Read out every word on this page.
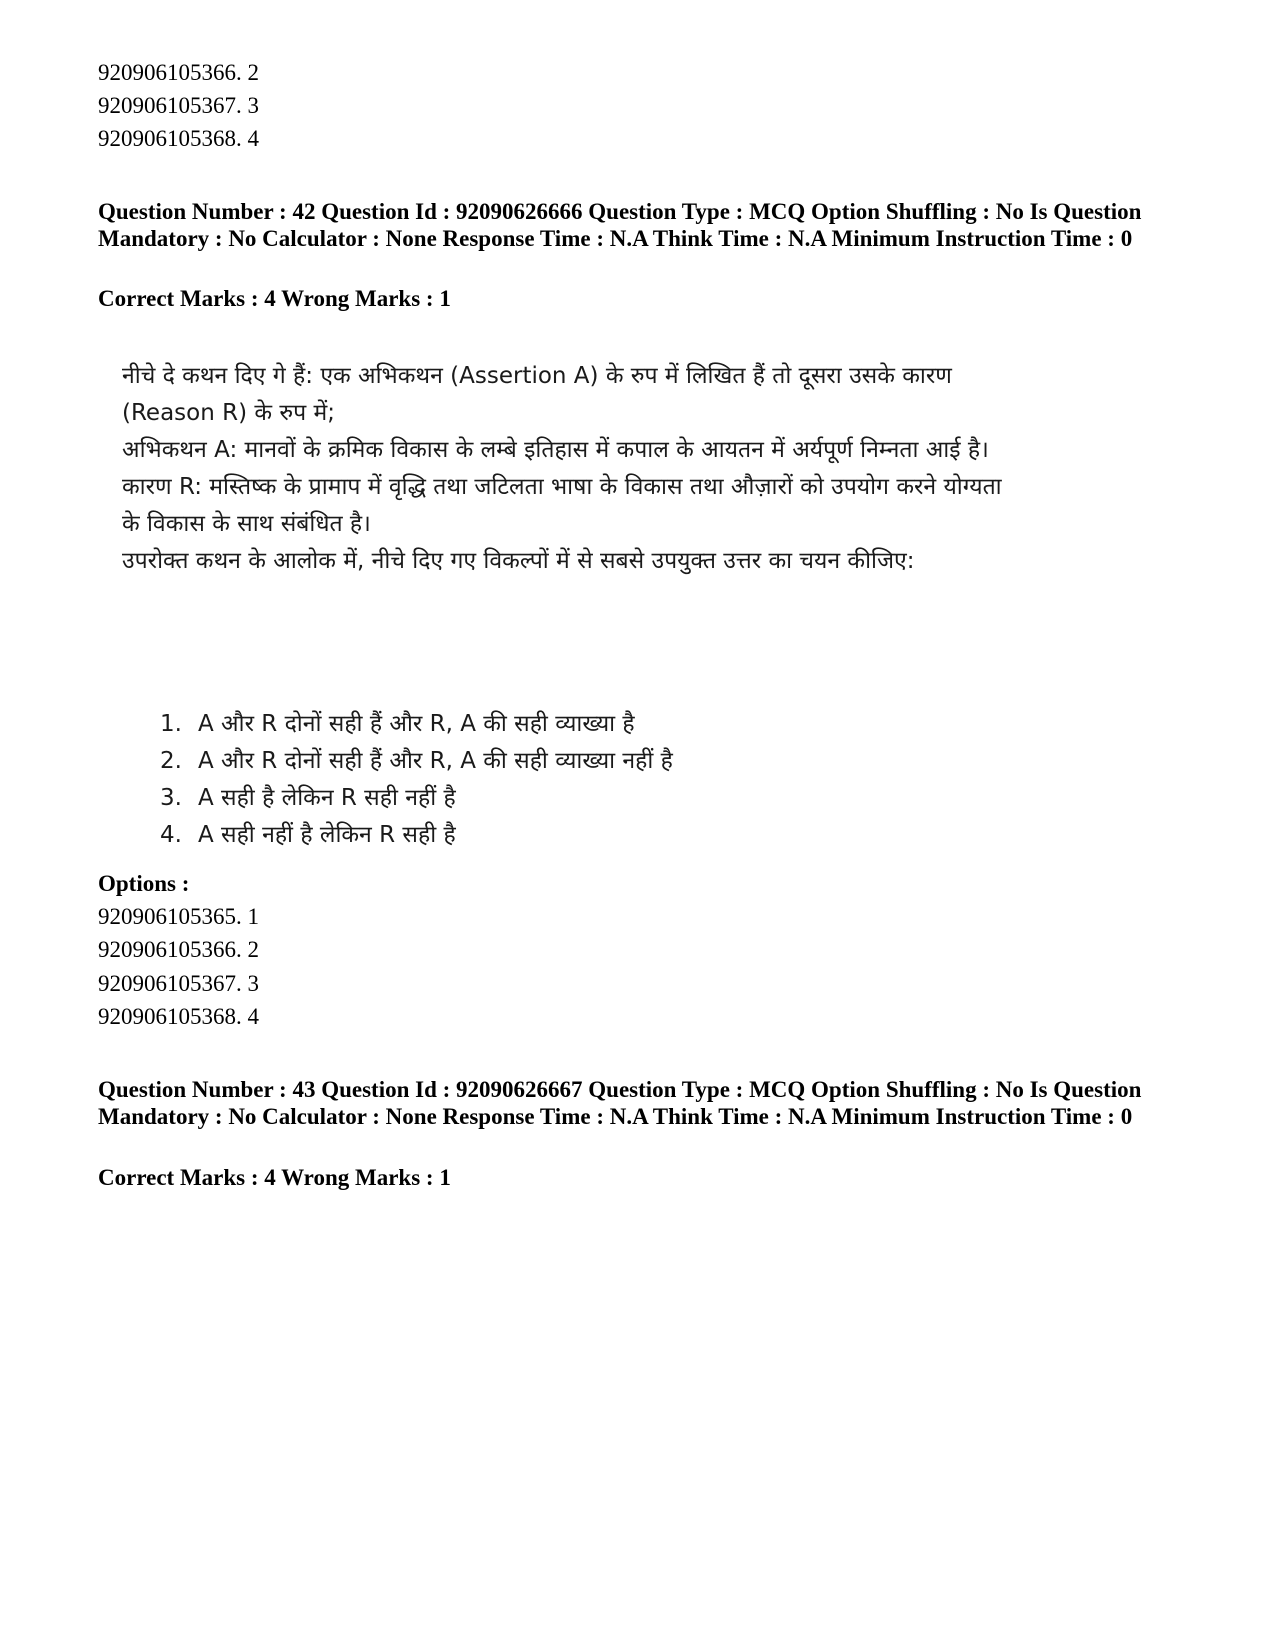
920906105366. 2
920906105367. 3
920906105368. 4
Question Number : 42 Question Id : 92090626666 Question Type : MCQ Option Shuffling : No Is Question Mandatory : No Calculator : None Response Time : N.A Think Time : N.A Minimum Instruction Time : 0
Correct Marks : 4 Wrong Marks : 1

नीचे दे कथन दिए गे हैं: एक अभिकथन (Assertion A) के रुप में लिखित हैं तो दूसरा उसके कारण (Reason R) के रुप में;

अभिकथन A: मानवों के क्रमिक विकास के लम्बे इतिहास में कपाल के आयतन में अर्यपूर्ण निम्नता आई है।

कारण R: मस्तिष्क के प्रामाप में वृद्धि तथा जटिलता भाषा के विकास तथा औज़ारों को उपयोग करने योग्यता के विकास के साथ संबंधित है।

उपरोक्त कथन के आलोक में, नीचे दिए गए विकल्पों में से सबसे उपयुक्त उत्तर का चयन कीजिए:

1. A और R दोनों सही हैं और R, A की सही व्याख्या है
2. A और R दोनों सही हैं और R, A की सही व्याख्या नहीं है
3. A सही है लेकिन R सही नहीं है
4. A सही नहीं है लेकिन R सही है
Options :
920906105365. 1
920906105366. 2
920906105367. 3
920906105368. 4
Question Number : 43 Question Id : 92090626667 Question Type : MCQ Option Shuffling : No Is Question Mandatory : No Calculator : None Response Time : N.A Think Time : N.A Minimum Instruction Time : 0
Correct Marks : 4 Wrong Marks : 1
